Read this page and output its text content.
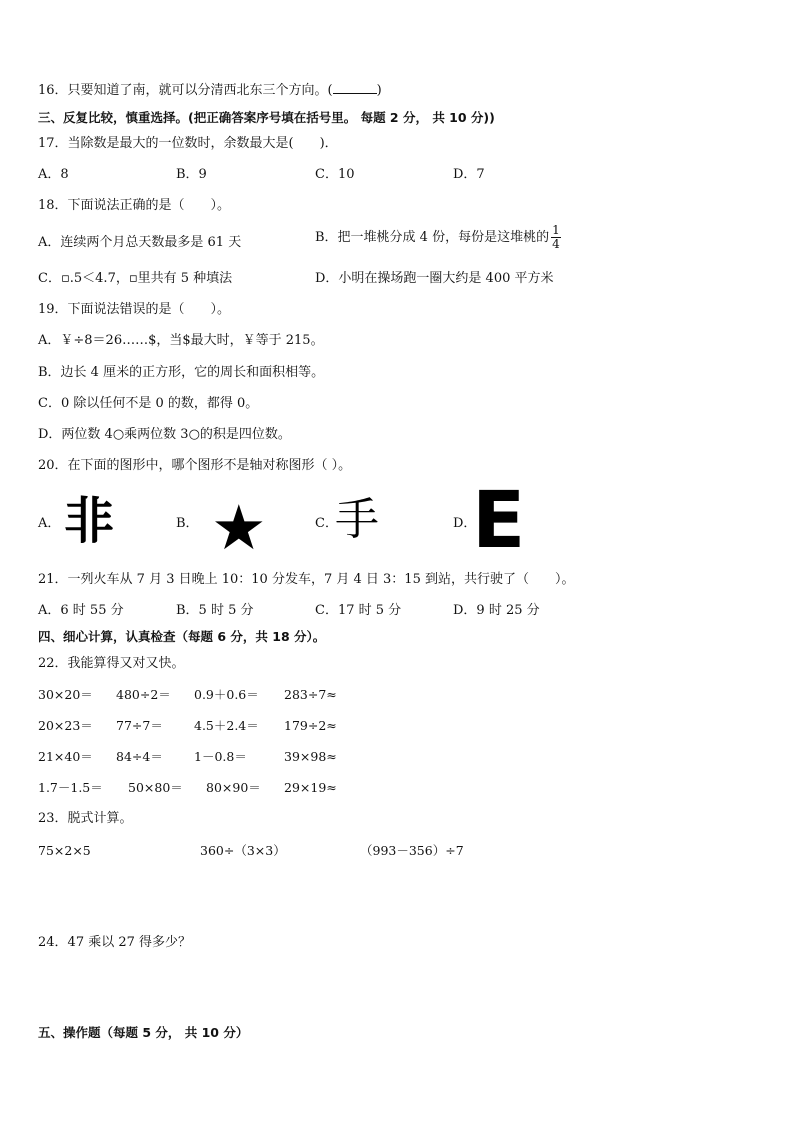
16．只要知道了南，就可以分清西北东三个方向。(	)
三、反复比较，慎重选择。(把正确答案序号填在括号里。 每题 2 分， 共 10 分))
17．当除数是最大的一位数时，余数最大是(　　)．
A．8	B．9	C．10	D．7
18．下面说法正确的是（　　）。
A．连续两个月总天数最多是 61 天	B．把一堆桃分成 4 份，每份是这堆桃的 $\frac{1}{4}$
C．▫.5＜4.7，▫里共有 5 种填法	D．小明在操场跑一圈大约是 400 平方米
19．下面说法错误的是（　　）。
A．￥÷8＝26……$，当$最大时，￥等于 215。
B．边长 4 厘米的正方形，它的周长和面积相等。
C．0 除以任何不是 0 的数，都得 0。
D．两位数 4○乘两位数 3○的积是四位数。
20．在下面的图形中，哪个图形不是轴对称图形（ ）。
A． 非	B． ★	C．
手	D．
E
21．一列火车从 7 月 3 日晚上 10：10 分发车，7 月 4 日 3：15 到站，共行驶了（　　）。
A．6 时 55 分	B．5 时 5 分	C．17 时 5 分	D．9 时 25 分
四、细心计算，认真检查（每题 6 分，共 18 分）。
22．我能算得又对又快。
30×20＝ 480÷2＝ 0.9＋0.6＝ 283÷7≈
20×23＝ 77÷7＝ 4.5＋2.4＝ 179÷2≈
21×40＝ 84÷4＝ 1－0.8＝	39×98≈
1.7－1.5＝ 50×80＝ 80×90＝ 29×19≈
23．脱式计算。
75×2×5	360÷（3×3）	（993－356）÷7
24．47 乘以 27 得多少？
五、操作题（每题 5 分， 共 10 分）
